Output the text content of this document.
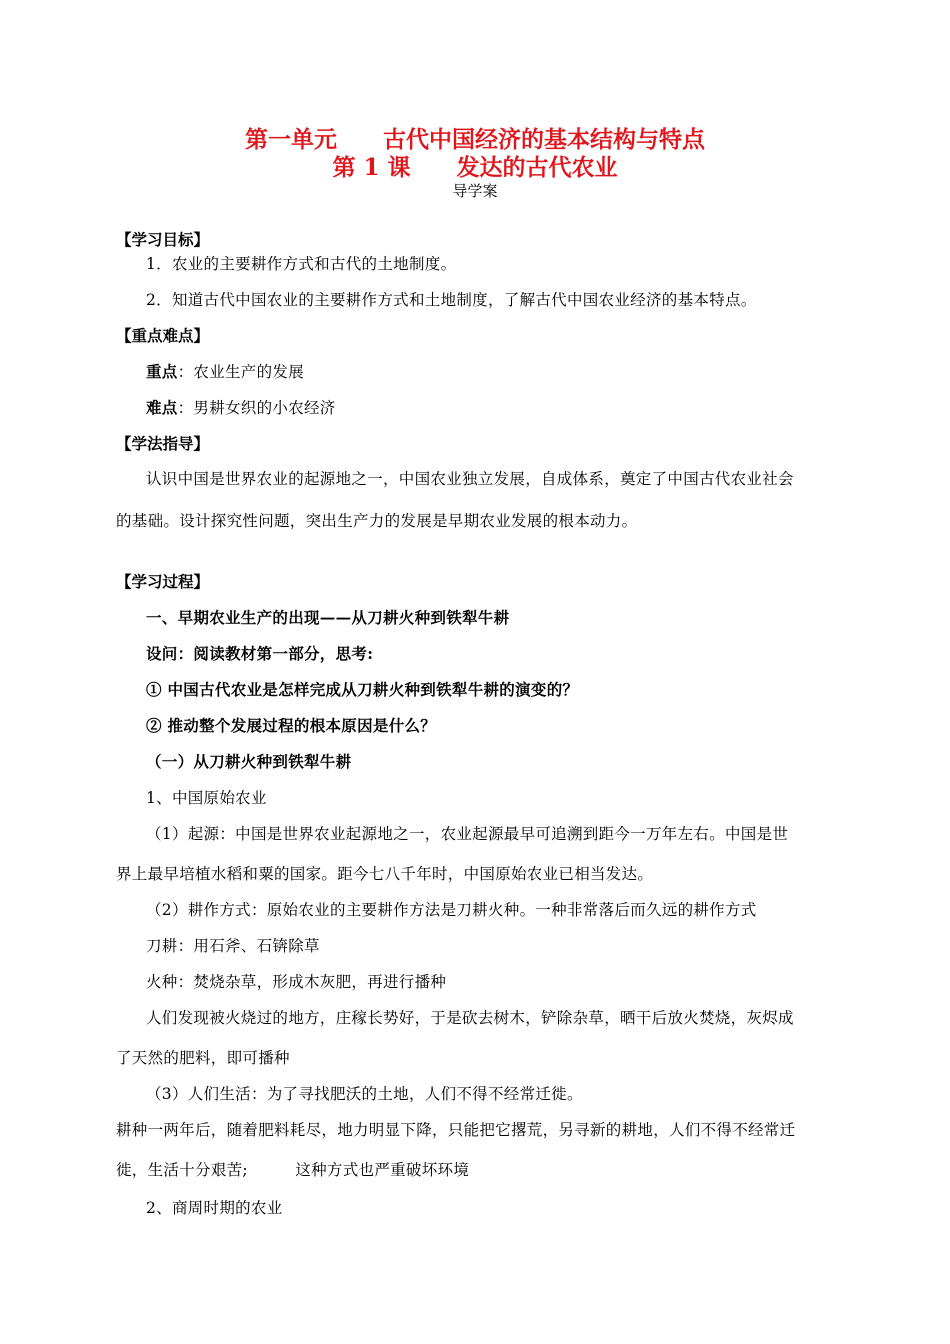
第一单元　　古代中国经济的基本结构与特点
第 1 课　　发达的古代农业
导学案
【学习目标】
1．农业的主要耕作方式和古代的土地制度。
2．知道古代中国农业的主要耕作方式和土地制度，了解古代中国农业经济的基本特点。
【重点难点】
重点：农业生产的发展
难点：男耕女织的小农经济
【学法指导】
认识中国是世界农业的起源地之一，中国农业独立发展，自成体系，奠定了中国古代农业社会
的基础。设计探究性问题，突出生产力的发展是早期农业发展的根本动力。
【学习过程】
一、早期农业生产的出现——从刀耕火种到铁犁牛耕
设问：阅读教材第一部分，思考:
① 中国古代农业是怎样完成从刀耕火种到铁犁牛耕的演变的？
② 推动整个发展过程的根本原因是什么？
（一）从刀耕火种到铁犁牛耕
1、中国原始农业
（1）起源：中国是世界农业起源地之一，农业起源最早可追溯到距今一万年左右。中国是世
界上最早培植水稻和粟的国家。距今七八千年时，中国原始农业已相当发达。
（2）耕作方式：原始农业的主要耕作方法是刀耕火种。一种非常落后而久远的耕作方式
刀耕：用石斧、石锛除草
火种：焚烧杂草，形成木灰肥，再进行播种
人们发现被火烧过的地方，庄稼长势好，于是砍去树木，铲除杂草，晒干后放火焚烧，灰烬成
了天然的肥料，即可播种
（3）人们生活：为了寻找肥沃的土地，人们不得不经常迁徙。
耕种一两年后，随着肥料耗尽，地力明显下降，只能把它撂荒，另寻新的耕地，人们不得不经常迁
徙，生活十分艰苦;　　　这种方式也严重破坏环境
2、商周时期的农业
